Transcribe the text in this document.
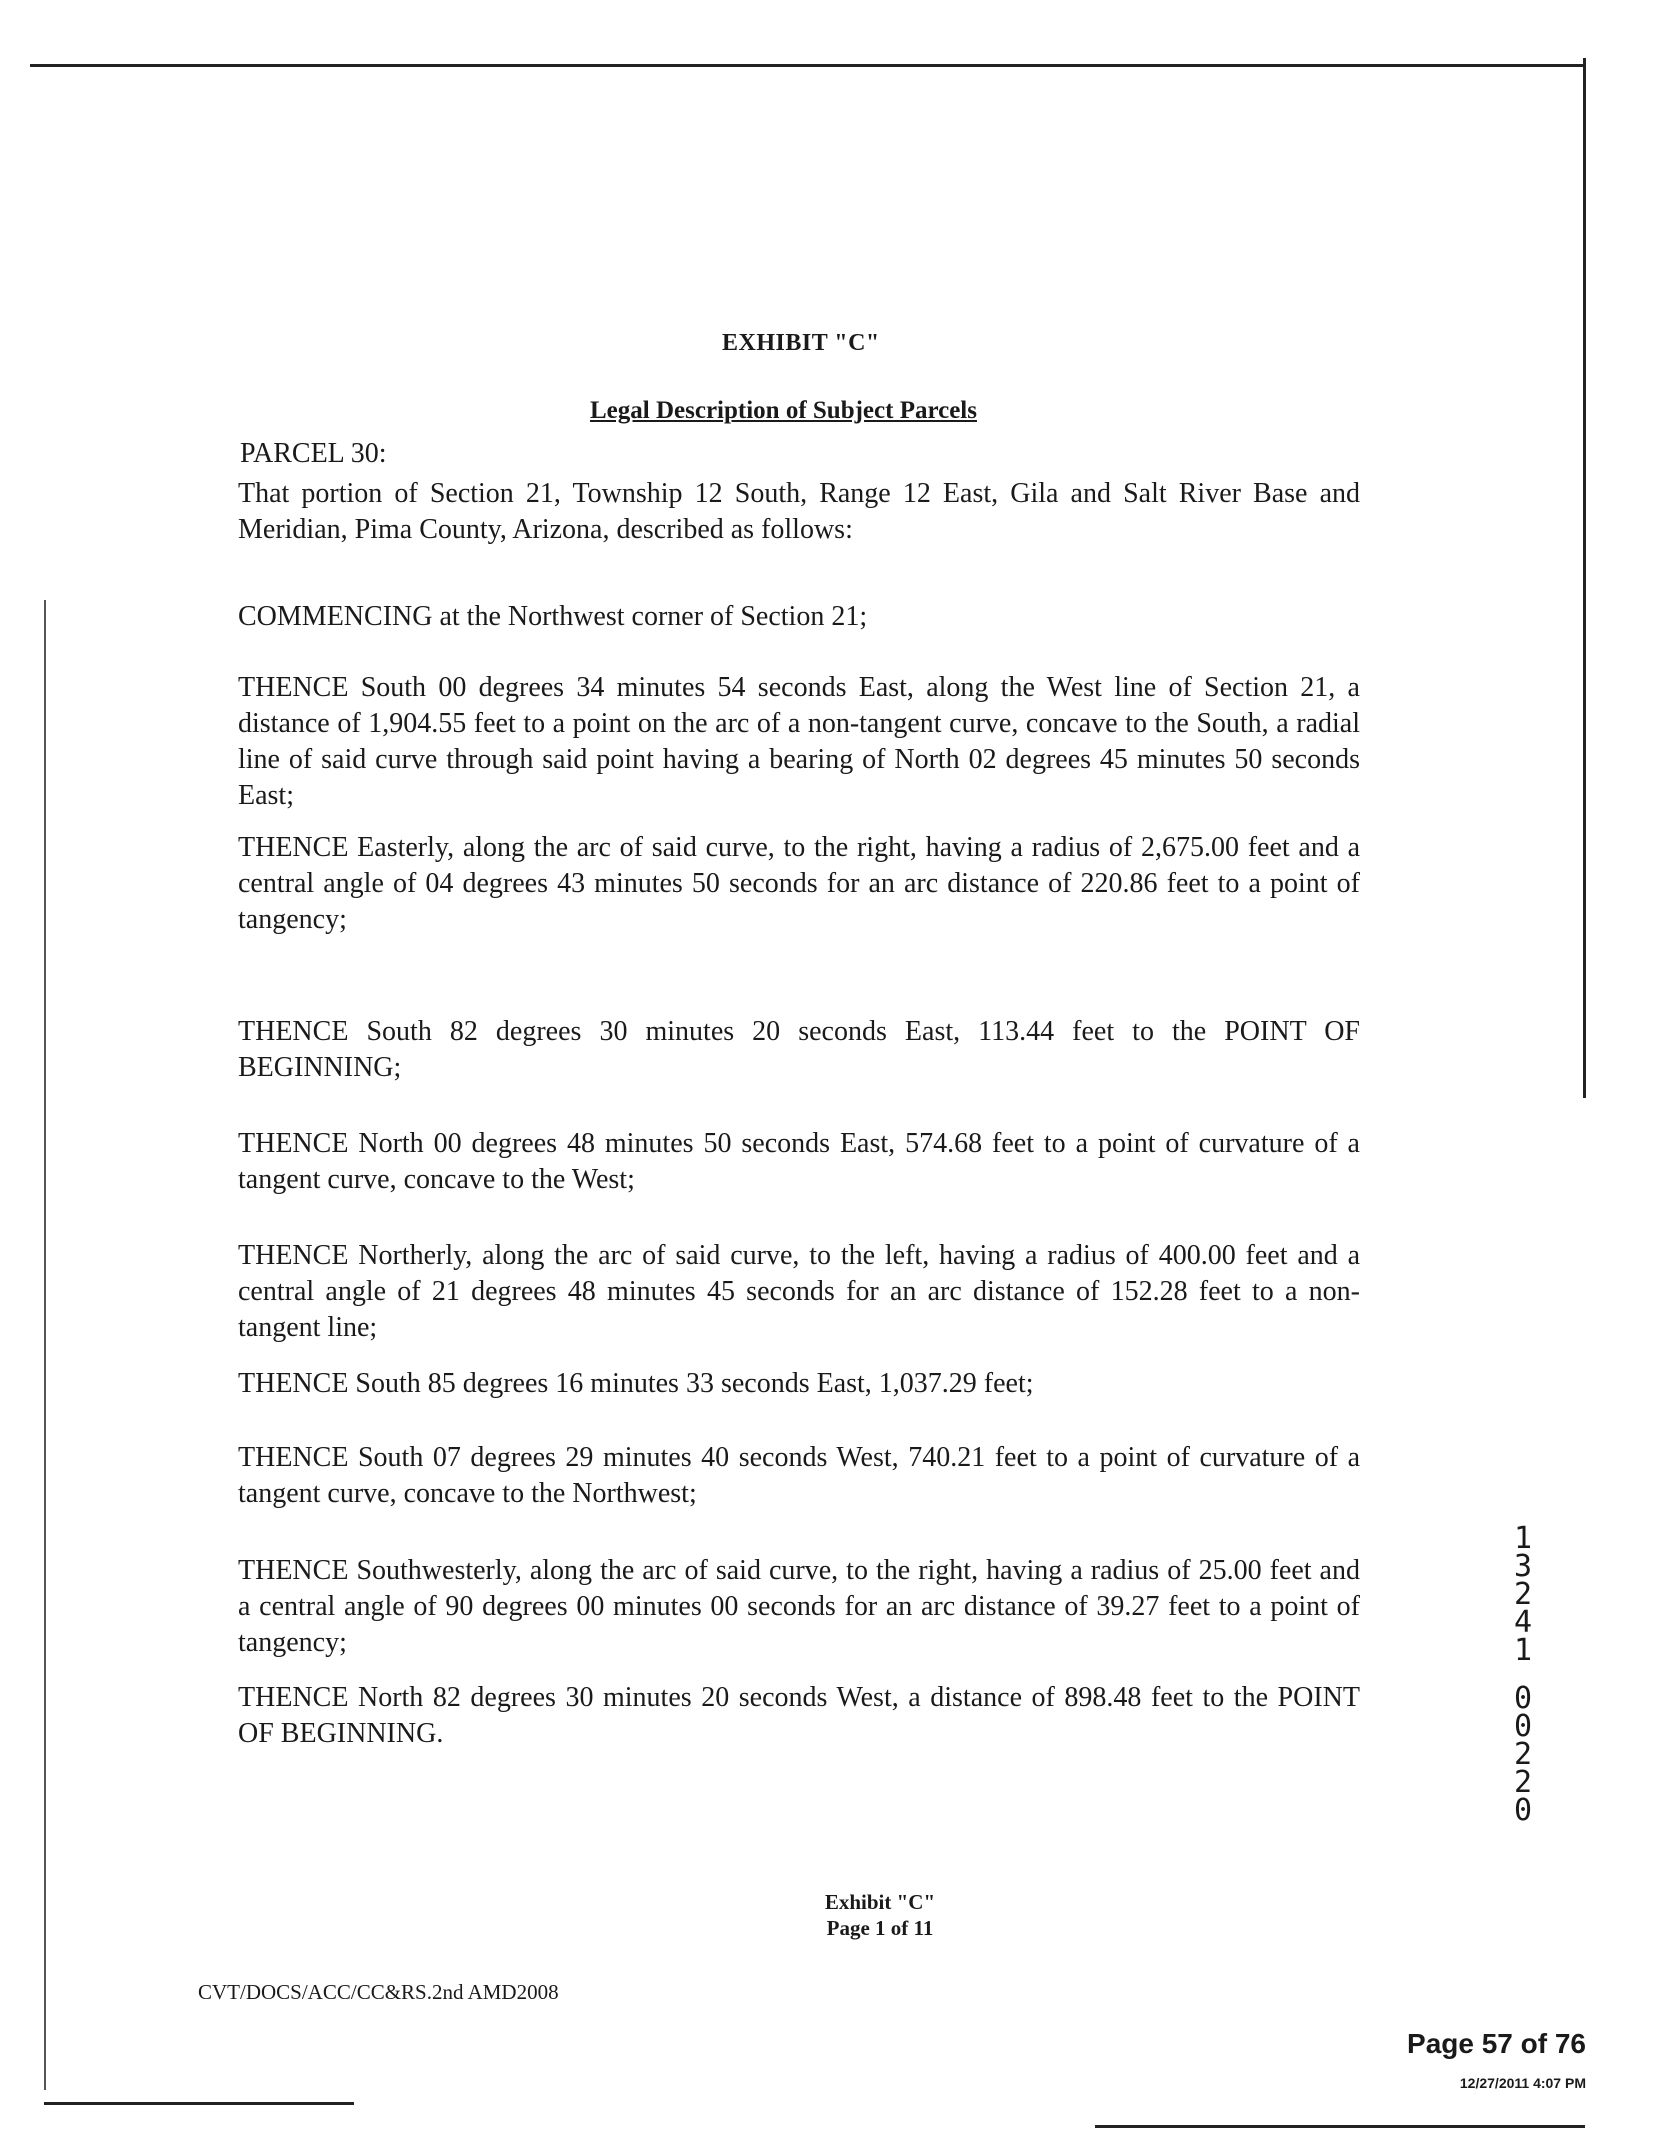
EXHIBIT "C"
Legal Description of Subject Parcels
PARCEL 30:
That portion of Section 21, Township 12 South, Range 12 East, Gila and Salt River Base and Meridian, Pima County, Arizona, described as follows:
COMMENCING at the Northwest corner of Section 21;
THENCE South 00 degrees 34 minutes 54 seconds East, along the West line of Section 21, a distance of 1,904.55 feet to a point on the arc of a non-tangent curve, concave to the South, a radial line of said curve through said point having a bearing of North 02 degrees 45 minutes 50 seconds East;
THENCE Easterly, along the arc of said curve, to the right, having a radius of 2,675.00 feet and a central angle of 04 degrees 43 minutes 50 seconds for an arc distance of 220.86 feet to a point of tangency;
THENCE South 82 degrees 30 minutes 20 seconds East, 113.44 feet to the POINT OF BEGINNING;
THENCE North 00 degrees 48 minutes 50 seconds East, 574.68 feet to a point of curvature of a tangent curve, concave to the West;
THENCE Northerly, along the arc of said curve, to the left, having a radius of 400.00 feet and a central angle of 21 degrees 48 minutes 45 seconds for an arc distance of 152.28 feet to a non-tangent line;
THENCE South 85 degrees 16 minutes 33 seconds East, 1,037.29 feet;
THENCE South 07 degrees 29 minutes 40 seconds West, 740.21 feet to a point of curvature of a tangent curve, concave to the Northwest;
THENCE Southwesterly, along the arc of said curve, to the right, having a radius of 25.00 feet and a central angle of 90 degrees 00 minutes 00 seconds for an arc distance of 39.27 feet to a point of tangency;
THENCE North 82 degrees 30 minutes 20 seconds West, a distance of 898.48 feet to the POINT OF BEGINNING.
1
3
2
4
1
0
0
2
2
0
Exhibit "C"
Page 1 of 11
CVT/DOCS/ACC/CC&RS.2nd AMD2008
Page 57 of 76
12/27/2011 4:07 PM
